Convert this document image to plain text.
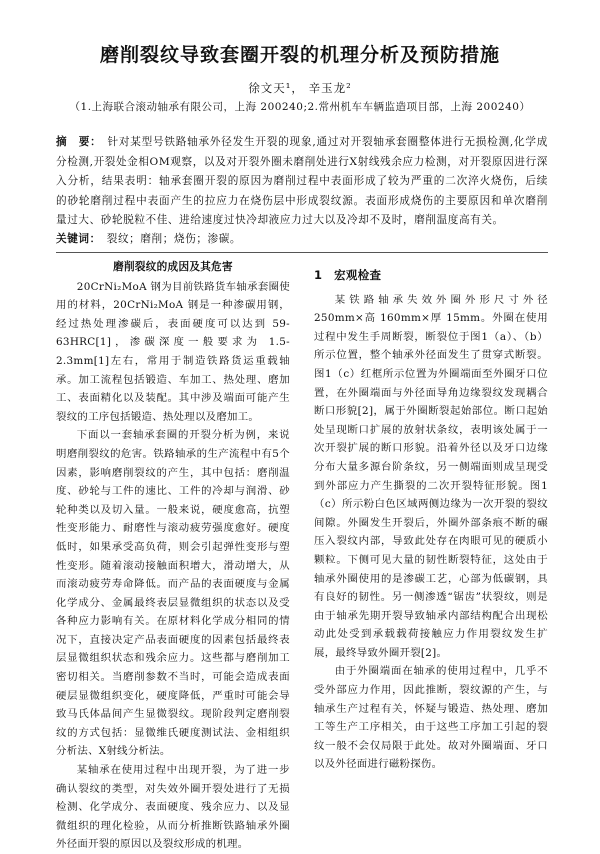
磨削裂纹导致套圈开裂的机理分析及预防措施
徐文天¹， 辛玉龙²
（1.上海联合滚动轴承有限公司，上海 200240;2.常州机车车辆监造项目部，上海 200240）

摘　要： 针对某型号铁路轴承外径发生开裂的现象,通过对开裂轴承套圈整体进行无损检测,化学成分检测,开裂处金相OM观察，以及对开裂外圈未磨削处进行X射线残余应力检测，对开裂原因进行深入分析，结果表明：轴承套圈开裂的原因为磨削过程中表面形成了较为严重的二次淬火烧伤，后续的砂轮磨削过程中表面产生的拉应力在烧伤层中形成裂纹源。表面形成烧伤的主要原因和单次磨削量过大、砂轮脱粒不佳、进给速度过快冷却液应力过大以及冷却不及时，磨削温度高有关。

关键词： 裂纹；磨削；烧伤；渗碳。

磨削裂纹的成因及其危害

20CrNi₂MoA 钢为目前铁路货车轴承套圈使用的材料，20CrNi₂MoA 钢是一种渗碳用钢，经过热处理渗碳后，表面硬度可以达到 59-63HRC[1]，渗碳深度一般要求为 1.5-2.3mm[1]左右，常用于制造铁路货运重载轴承。加工流程包括锻造、车加工、热处理、磨加工、表面精化以及装配。其中涉及端面可能产生裂纹的工序包括锻造、热处理以及磨加工。

下面以一套轴承套圈的开裂分析为例，来说明磨削裂纹的危害。铁路轴承的生产流程中有5个因素，影响磨削裂纹的产生，其中包括：磨削温度、砂轮与工件的速比、工件的冷却与润滑、砂轮种类以及切入量。一般来说，硬度愈高，抗塑性变形能力、耐磨性与滚动疲劳强度愈好。硬度低时，如果承受高负荷，则会引起弹性变形与塑性变形。随着滚动接触面积增大，滑动增大，从而滚动疲劳寿命降低。而产品的表面硬度与金属化学成分、金属最终表层显微组织的状态以及受各种应力影响有关。在原材料化学成分相同的情况下，直接决定产品表面硬度的因素包括最终表层显微组织状态和残余应力。这些都与磨削加工密切相关。当磨削参数不当时，可能会造成表面硬层显微组织变化，硬度降低，严重时可能会导致马氏体晶间产生显微裂纹。现阶段判定磨削裂纹的方式包括：显微维氏硬度测试法、金相组织分析法、X射线分析法。

某轴承在使用过程中出现开裂，为了进一步确认裂纹的类型，对失效外圈开裂处进行了无损检测、化学成分、表面硬度、残余应力、以及显微组织的理化检验，从而分析推断铁路轴承外圈外径面开裂的原因以及裂纹形成的机理。

1　宏观检查

某铁路轴承失效外圈外形尺寸外径 250mm×高 160mm×厚 15mm。外圈在使用过程中发生手周断裂，断裂位于图1（a）、（b）所示位置，整个轴承外径面发生了贯穿式断裂。图1（c）红框所示位置为外圈端面至外圈牙口位置，在外圈端面与外径面导角边缘裂纹发现耦合断口形貌[2]，属于外圈断裂起始部位。断口起始处呈现断口扩展的放射状条纹，表明该处属于一次开裂扩展的断口形貌。沿着外径以及牙口边缘分布大量多源台阶条纹，另一侧端面则成呈现受到外部应力产生撕裂的二次开裂特征形貌。图1（c）所示粉白色区域两侧边缘为一次开裂的裂纹间隙。外圈发生开裂后，外圈外部条痕不断的碾压入裂纹内部，导致此处存在肉眼可见的硬质小颗粒。下侧可见大量的韧性断裂特征，这处由于轴承外圈使用的是渗碳工艺，心部为低碳钢，具有良好的韧性。另一侧渗透“锯齿”状裂纹，则是由于轴承先期开裂导致轴承内部结构配合出现松动此处受到承载载荷接触应力作用裂纹发生扩展，最终导致外圈开裂[2]。

由于外圈端面在轴承的使用过程中，几乎不受外部应力作用，因此推断，裂纹源的产生，与轴承生产过程有关，怀疑与锻造、热处理、磨加工等生产工序相关，由于这些工序加工引起的裂纹一般不会仅局限于此处。故对外圈端面、牙口以及外径面进行磁粉探伤。
